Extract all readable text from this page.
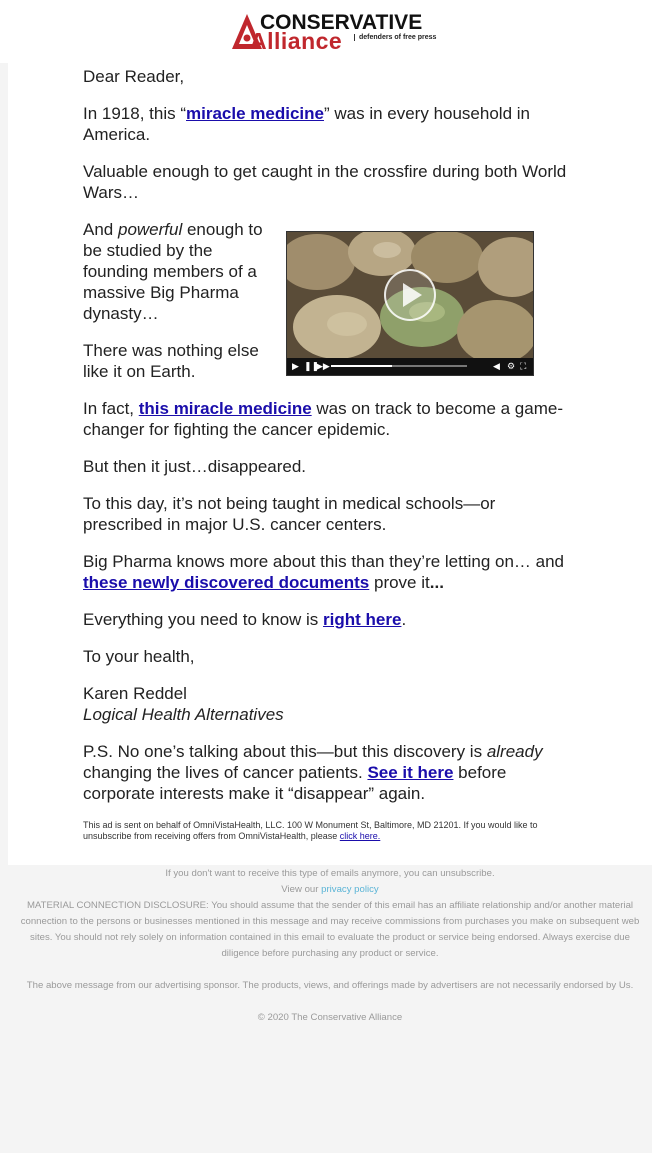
CONSERVATIVE
Alliance	defenders of free press
Dear Reader,
In 1918, this “miracle medicine” was in every household in America.
Valuable enough to get caught in the crossfire during both World Wars…
And powerful enough to be studied by the founding members of a massive Big Pharma dynasty…
▶ ❚❚
▶▶	◀ ⚙ ⛶
There was nothing else like it on Earth.
In fact, this miracle medicine was on track to become a game-changer for fighting the cancer epidemic.
But then it just…disappeared.
To this day, it’s not being taught in medical schools—or prescribed in major U.S. cancer centers.
Big Pharma knows more about this than they’re letting on… and these newly discovered documents prove it...
Everything you need to know is right here.
To your health,
Karen Reddel
Logical Health Alternatives
P.S. No one’s talking about this—but this discovery is already changing the lives of cancer patients. See it here before corporate interests make it “disappear” again.
This ad is sent on behalf of OmniVistaHealth, LLC. 100 W Monument St, Baltimore, MD 21201. If you would like to unsubscribe from receiving offers from OmniVistaHealth, please click here.
If you don't want to receive this type of emails anymore, you can unsubscribe.
View our privacy policy
MATERIAL CONNECTION DISCLOSURE: You should assume that the sender of this email has an affiliate relationship and/or another material connection to the persons or businesses mentioned in this message and may receive commissions from purchases you make on subsequent web sites. You should not rely solely on information contained in this email to evaluate the product or service being endorsed. Always exercise due diligence before purchasing any product or service.
The above message from our advertising sponsor. The products, views, and offerings made by advertisers are not necessarily endorsed by Us.
© 2020 The Conservative Alliance
